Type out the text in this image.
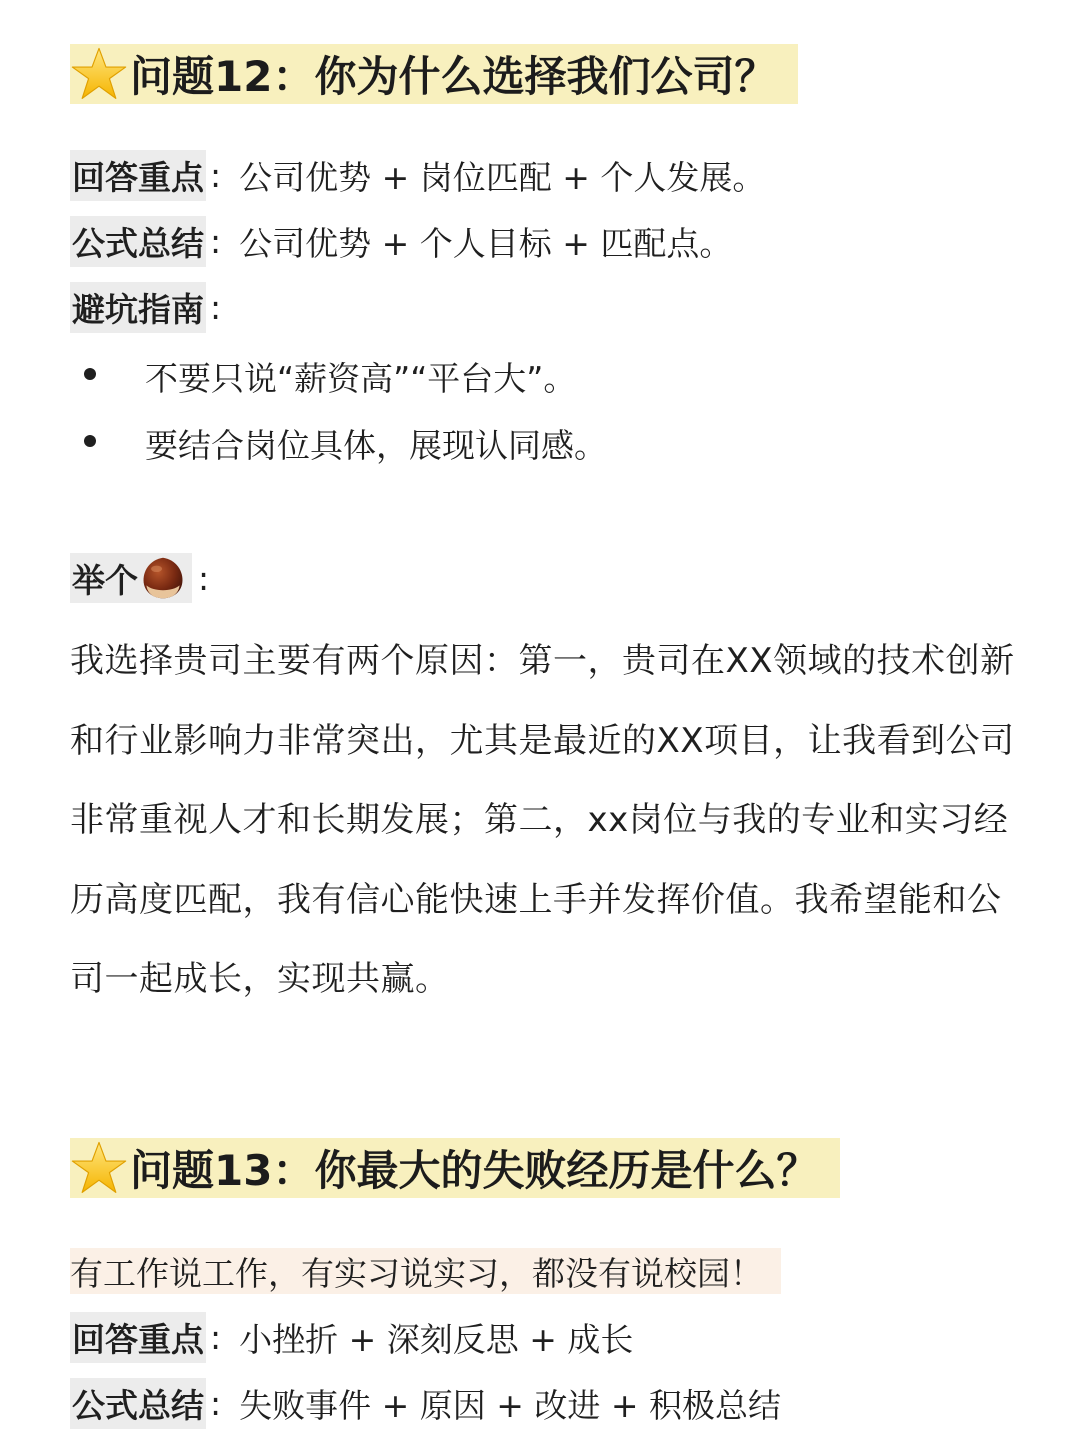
问题12：你为什么选择我们公司？
回答重点 : 公司优势 + 岗位匹配 + 个人发展。
公式总结 : 公司优势 + 个人目标 + 匹配点。
避坑指南 :
不要只说“薪资高”“平台大”。
要结合岗位具体，展现认同感。
举个 :
我选择贵司主要有两个原因：第一，贵司在XX领域的技术创新和行业影响力非常突出，尤其是最近的XX项目，让我看到公司非常重视人才和长期发展；第二，xx岗位与我的专业和实习经历高度匹配，我有信心能快速上手并发挥价值。我希望能和公司一起成长，实现共赢。
问题13：你最大的失败经历是什么？
有工作说工作，有实习说实习，都没有说校园！
回答重点 : 小挫折 + 深刻反思 + 成长
公式总结 : 失败事件 + 原因 + 改进 + 积极总结
